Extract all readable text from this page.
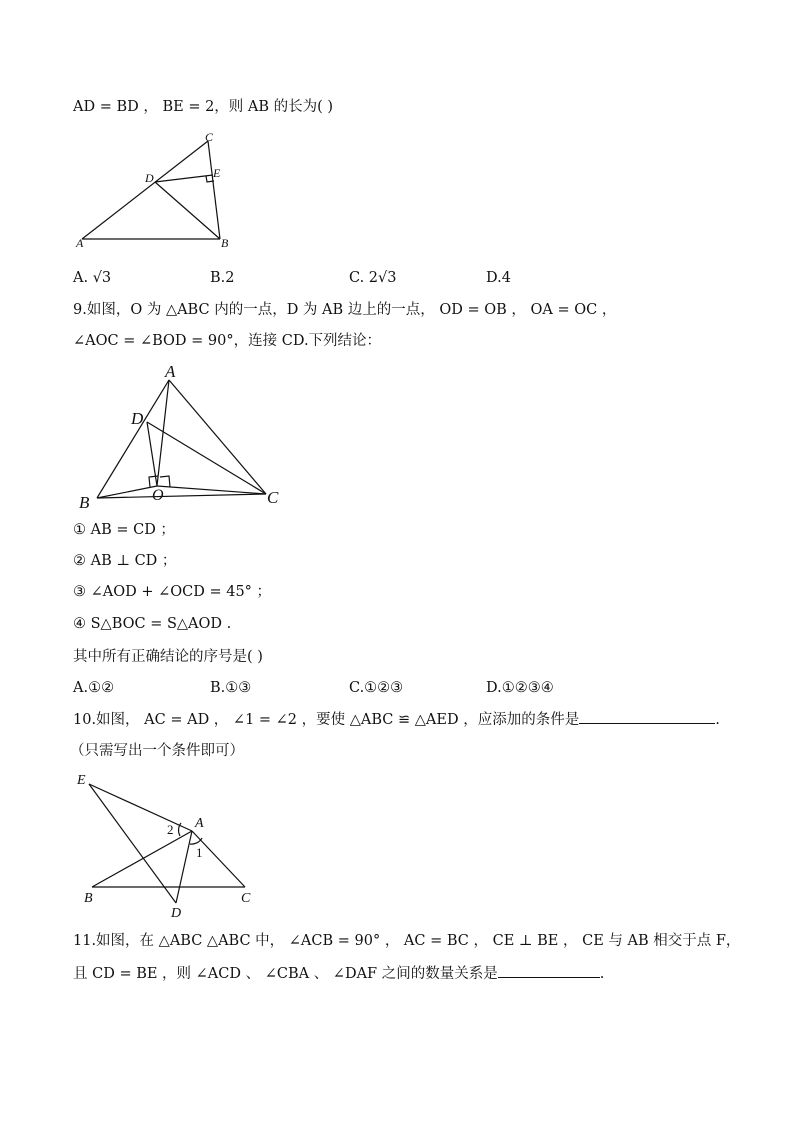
AD = BD ， BE = 2，则 AB 的长为( )
C
D	E
A	B
A. √3	B.2	C. 2√3	D.4
9.如图，O 为 △ABC 内的一点，D 为 AB 边上的一点， OD = OB ， OA = OC ，
∠AOC = ∠BOD = 90°，连接 CD.下列结论：
A
D
B	O	C
① AB = CD ；
② AB ⊥ CD ；
③ ∠AOD + ∠OCD = 45° ；
④ S△BOC = S△AOD .
其中所有正确结论的序号是( )
A.①②	B.①③	C.①②③	D.①②③④
10.如图， AC = AD ， ∠1 = ∠2 ，要使 △ABC ≌ △AED ，应添加的条件是	.
（只需写出一个条件即可）
E
A
2
1
B
D
C
11.如图，在 △ABC △ABC 中， ∠ACB = 90° ， AC = BC ， CE ⊥ BE ， CE 与 AB 相交于点 F，
且 CD = BE ，则 ∠ACD 、 ∠CBA 、 ∠DAF 之间的数量关系是	.
